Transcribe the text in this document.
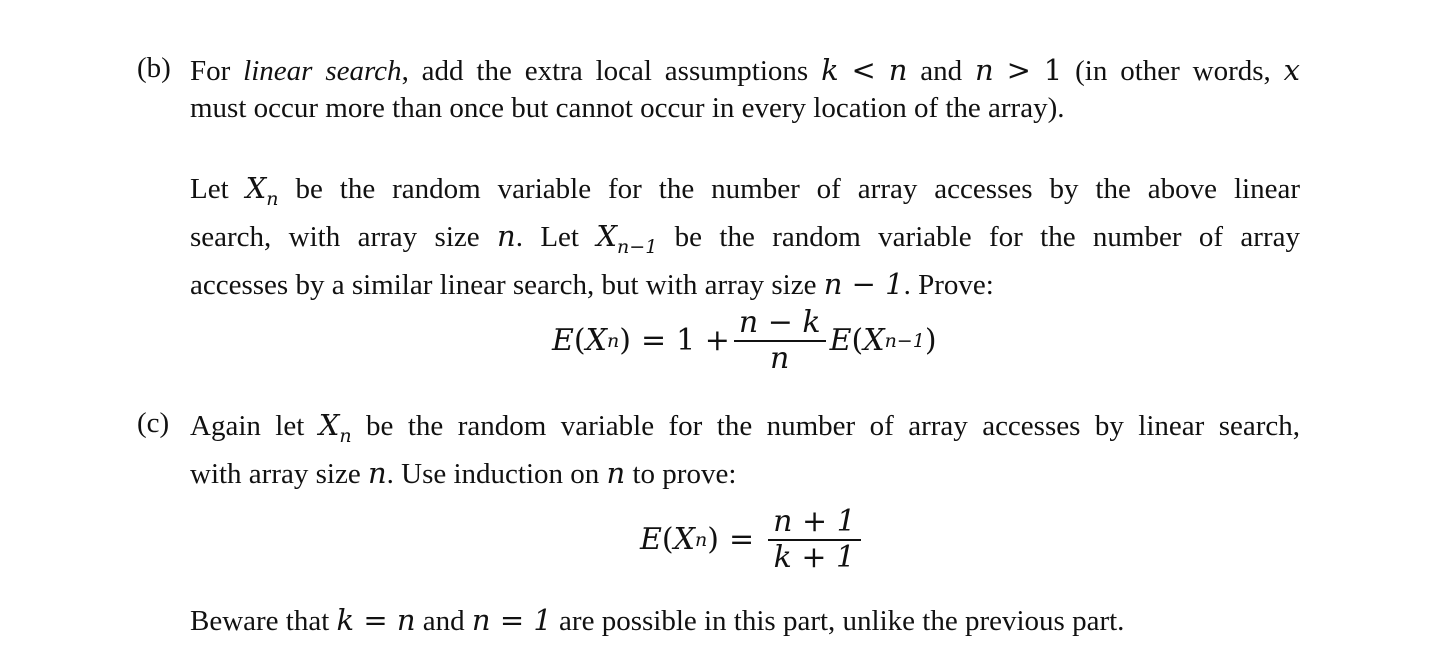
(b) For linear search, add the extra local assumptions k < n and n > 1 (in other words, x
must occur more than once but cannot occur in every location of the array).
Let $X_n$ be the random variable for the number of array accesses by the above linear
search, with array size n. Let $X_{n-1}$ be the random variable for the number of array
accesses by a similar linear search, but with array size n − 1. Prove:
E ( X n ) = $1 + \frac{n - k}{n}$ E ( X n−1 )
(c) Again let $X_n$ be the random variable for the number of array accesses by linear search,
with array size n. Use induction on n to prove:
E ( X n ) = $\frac{n + 1}{k + 1}$
Beware that k = n and n = 1 are possible in this part, unlike the previous part.
